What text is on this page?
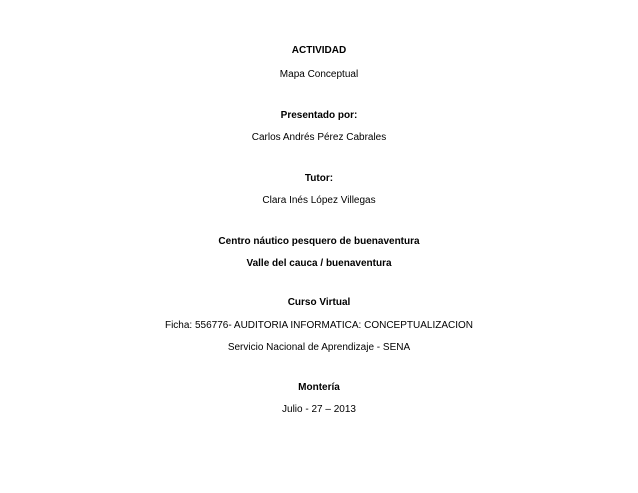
ACTIVIDAD
Mapa Conceptual
Presentado por:
Carlos Andrés Pérez Cabrales
Tutor:
Clara Inés López Villegas
Centro náutico pesquero de buenaventura
Valle del cauca / buenaventura
Curso Virtual
Ficha: 556776- AUDITORIA INFORMATICA: CONCEPTUALIZACION
Servicio Nacional de Aprendizaje - SENA
Montería
Julio - 27 – 2013
